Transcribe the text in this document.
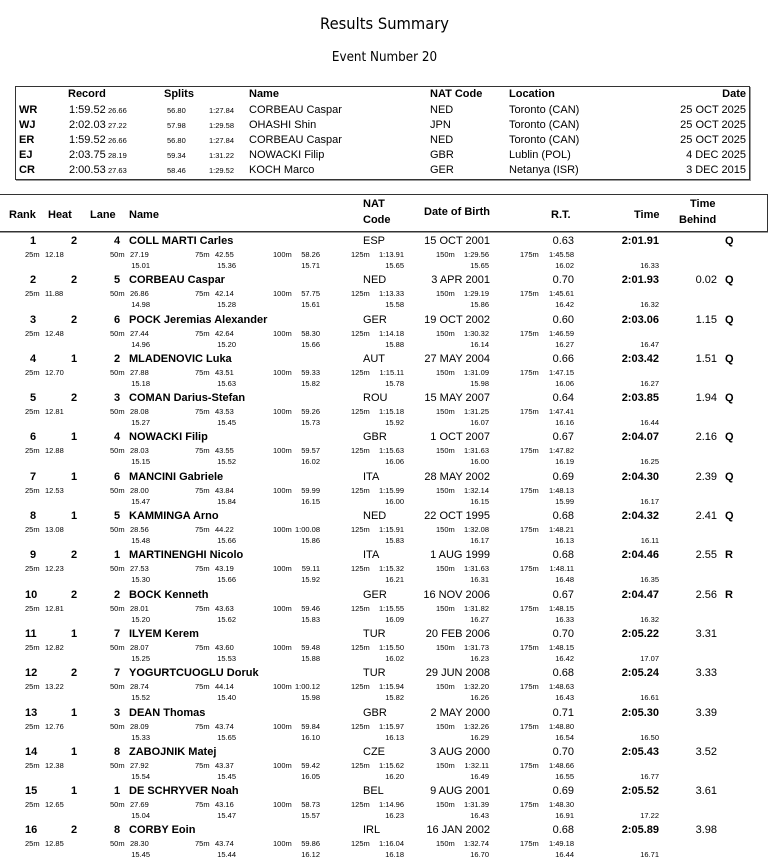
Results Summary
Event Number 20
Record	Splits	Name	NAT Code Location	Date
WR	1:59.52 26.66	56.80	1:27.84 CORBEAU Caspar	NED	Toronto (CAN)	25 OCT 2025
WJ	2:02.03 27.22	57.98	1:29.58 OHASHI Shin	JPN	Toronto (CAN)	25 OCT 2025
ER	1:59.52 26.66	56.80	1:27.84 CORBEAU Caspar	NED	Toronto (CAN)	25 OCT 2025
EJ	2:03.75 28.19	59.34	1:31.22 NOWACKI Filip	GBR	Lublin (POL)	4 DEC 2025
CR	2:00.53 27.63	58.46	1:29.52 KOCH Marco	GER	Netanya (ISR)	3 DEC 2015
Rank Heat Lane Name
NAT
Code
Date of Birth	R.T.	Time
Time
Behind
1	2	4 COLL MARTI Carles	ESP	15 OCT 2001	0.63	2:01.91	Q
25m 12.18	50m 27.19	75m 42.55	100m	58.26	125m	1:13.91	150m	1:29.56	175m	1:45.58
15.01	15.36	15.71	15.65	15.65	16.02	16.33
2	2	5 CORBEAU Caspar	NED	3 APR 2001	0.70	2:01.93	0.02 Q
25m 11.88	50m 26.86	75m 42.14	100m	57.75	125m	1:13.33	150m	1:29.19	175m	1:45.61
14.98	15.28	15.61	15.58	15.86	16.42	16.32
3	2	6 POCK Jeremias Alexander	GER	19 OCT 2002	0.60	2:03.06	1.15 Q
25m 12.48	50m 27.44	75m 42.64	100m	58.30	125m	1:14.18	150m	1:30.32	175m	1:46.59
14.96	15.20	15.66	15.88	16.14	16.27	16.47
4	1	2 MLADENOVIC Luka	AUT	27 MAY 2004	0.66	2:03.42	1.51 Q
25m 12.70	50m 27.88	75m 43.51	100m	59.33	125m	1:15.11	150m	1:31.09	175m	1:47.15
15.18	15.63	15.82	15.78	15.98	16.06	16.27
5	2	3 COMAN Darius-Stefan	ROU	15 MAY 2007	0.64	2:03.85	1.94 Q
25m 12.81	50m 28.08	75m 43.53	100m	59.26	125m	1:15.18	150m	1:31.25	175m	1:47.41
15.27	15.45	15.73	15.92	16.07	16.16	16.44
6	1	4 NOWACKI Filip	GBR	1 OCT 2007	0.67	2:04.07	2.16 Q
25m 12.88	50m 28.03	75m 43.55	100m	59.57	125m	1:15.63	150m	1:31.63	175m	1:47.82
15.15	15.52	16.02	16.06	16.00	16.19	16.25
7	1	6 MANCINI Gabriele	ITA	28 MAY 2002	0.69	2:04.30	2.39 Q
25m 12.53	50m 28.00	75m 43.84	100m	59.99	125m	1:15.99	150m	1:32.14	175m	1:48.13
15.47	15.84	16.15	16.00	16.15	15.99	16.17
8	1	5 KAMMINGA Arno	NED	22 OCT 1995	0.68	2:04.32	2.41 Q
25m 13.08	50m 28.56	75m 44.22	100m 1:00.08	125m	1:15.91	150m	1:32.08	175m	1:48.21
15.48	15.66	15.86	15.83	16.17	16.13	16.11
9	2	1 MARTINENGHI Nicolo	ITA	1 AUG 1999	0.68	2:04.46	2.55 R
25m 12.23	50m 27.53	75m 43.19	100m	59.11	125m	1:15.32	150m	1:31.63	175m	1:48.11
15.30	15.66	15.92	16.21	16.31	16.48	16.35
10	2	2 BOCK Kenneth	GER	16 NOV 2006	0.67	2:04.47	2.56 R
25m 12.81	50m 28.01	75m 43.63	100m	59.46	125m	1:15.55	150m	1:31.82	175m	1:48.15
15.20	15.62	15.83	16.09	16.27	16.33	16.32
11	1	7 ILYEM Kerem	TUR	20 FEB 2006	0.70	2:05.22	3.31
25m 12.82	50m 28.07	75m 43.60	100m	59.48	125m	1:15.50	150m	1:31.73	175m	1:48.15
15.25	15.53	15.88	16.02	16.23	16.42	17.07
12	2	7 YOGURTCUOGLU Doruk	TUR	29 JUN 2008	0.68	2:05.24	3.33
25m 13.22	50m 28.74	75m 44.14	100m 1:00.12	125m	1:15.94	150m	1:32.20	175m	1:48.63
15.52	15.40	15.98	15.82	16.26	16.43	16.61
13	1	3 DEAN Thomas	GBR	2 MAY 2000	0.71	2:05.30	3.39
25m 12.76	50m 28.09	75m 43.74	100m	59.84	125m	1:15.97	150m	1:32.26	175m	1:48.80
15.33	15.65	16.10	16.13	16.29	16.54	16.50
14	1	8 ZABOJNIK Matej	CZE	3 AUG 2000	0.70	2:05.43	3.52
25m 12.38	50m 27.92	75m 43.37	100m	59.42	125m	1:15.62	150m	1:32.11	175m	1:48.66
15.54	15.45	16.05	16.20	16.49	16.55	16.77
15	1	1 DE SCHRYVER Noah	BEL	9 AUG 2001	0.69	2:05.52	3.61
25m 12.65	50m 27.69	75m 43.16	100m	58.73	125m	1:14.96	150m	1:31.39	175m	1:48.30
15.04	15.47	15.57	16.23	16.43	16.91	17.22
16	2	8 CORBY Eoin	IRL	16 JAN 2002	0.68	2:05.89	3.98
25m 12.85	50m 28.30	75m 43.74	100m	59.86	125m	1:16.04	150m	1:32.74	175m	1:49.18
15.45	15.44	16.12	16.18	16.70	16.44	16.71
